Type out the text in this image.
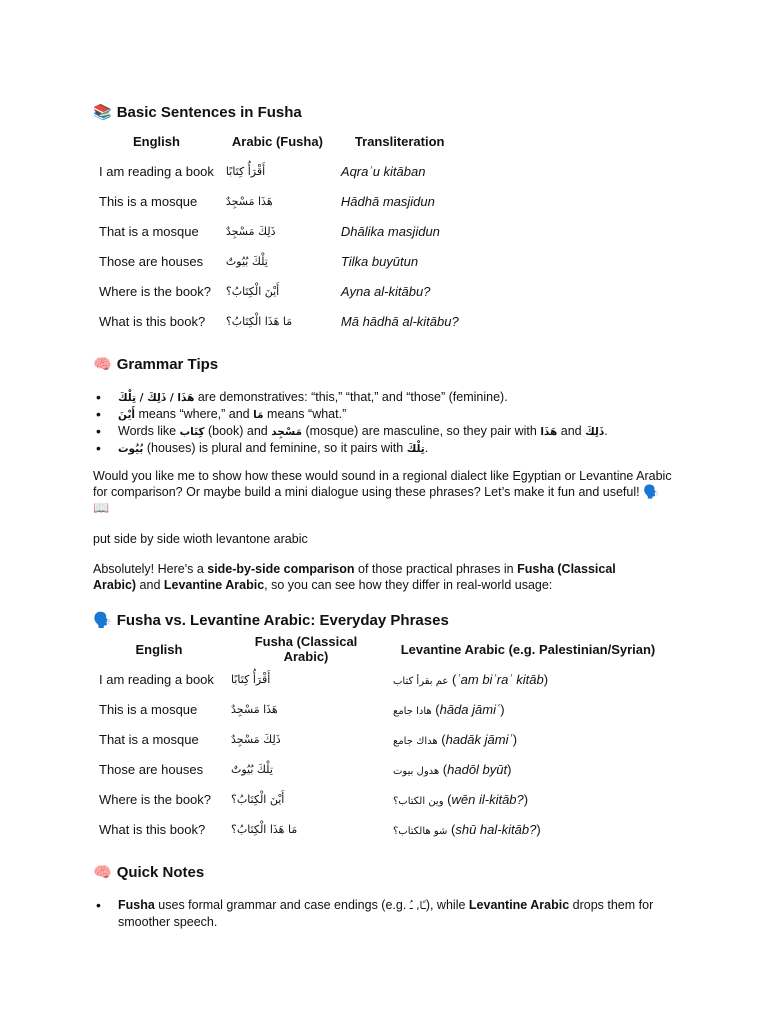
📚 Basic Sentences in Fusha
English	Arabic (Fusha)	Transliteration
I am reading a book	أَقْرَأُ كِتَابًا	Aqraʾu kitāban
This is a mosque	هَذَا مَسْجِدٌ	Hādhā masjidun
That is a mosque	ذَلِكَ مَسْجِدٌ	Dhālika masjidun
Those are houses	تِلْكَ بُيُوتٌ	Tilka buyūtun
Where is the book?	أَيْنَ الْكِتَابُ؟	Ayna al-kitābu?
What is this book?	مَا هَذَا الْكِتَابُ؟	Mā hādhā al-kitābu?
🧠 Grammar Tips
• هَذَا / ذَلِكَ / تِلْكَ are demonstratives: “this,” “that,” and “those” (feminine).
• أَيْنَ means “where,” and مَا means “what.”
• Words like كِتَاب (book) and مَسْجِد (mosque) are masculine, so they pair with هَذَا and ذَلِكَ.
• بُيُوت (houses) is plural and feminine, so it pairs with تِلْكَ.

Would you like me to show how these would sound in a regional dialect like Egyptian or Levantine Arabic for comparison? Or maybe build a mini dialogue using these phrases? Let’s make it fun and useful! 🗣️📖

put side by side wioth levantone arabic

Absolutely! Here's a side-by-side comparison of those practical phrases in Fusha (Classical Arabic) and Levantine Arabic, so you can see how they differ in real-world usage:

🗣️ Fusha vs. Levantine Arabic: Everyday Phrases
English	Fusha (Classical Arabic)	Levantine Arabic (e.g. Palestinian/Syrian)
I am reading a book	أَقْرَأُ كِتَابًا	عم بقرأ كتاب (ʿam biʾraʾ kitāb)
This is a mosque	هَذَا مَسْجِدٌ	هادا جامع (hāda jāmiʿ)
That is a mosque	ذَلِكَ مَسْجِدٌ	هداك جامع (hadāk jāmiʿ)
Those are houses	تِلْكَ بُيُوتٌ	هدول بيوت (hadōl byūt)
Where is the book?	أَيْنَ الْكِتَابُ؟	وين الكتاب؟ (wēn il-kitāb?)
What is this book?	مَا هَذَا الْكِتَابُ؟	شو هالكتاب؟ (shū hal-kitāb?)
🧠 Quick Notes
• Fusha uses formal grammar and case endings (e.g. ـًا, ـُ), while Levantine Arabic drops them for smoother speech.
